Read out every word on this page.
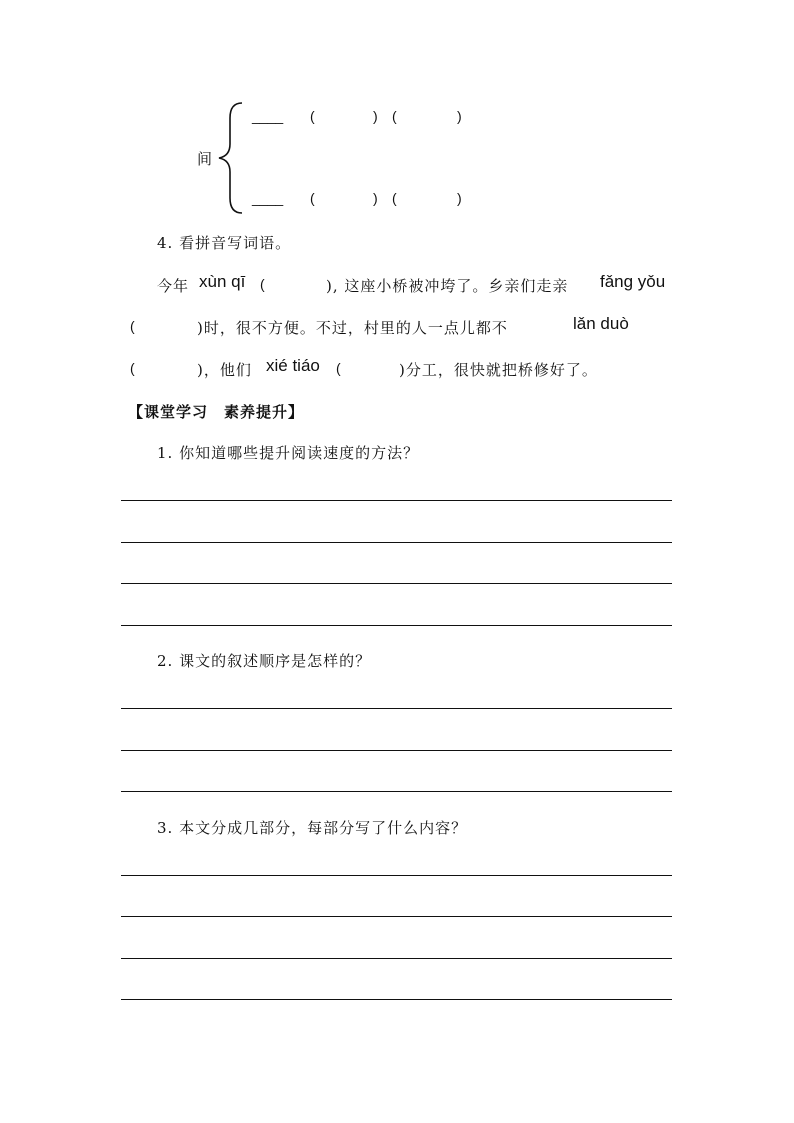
间
____ (	) (	)
____ (	) (	)
4. 看拼音写词语。
今年 xùn qī (	), 这座小桥被冲垮了。乡亲们走亲 fǎng yǒu
(	)时，很不方便。不过，村里的人一点儿都不	lǎn duò
(	)，他们 xié tiáo (	)分工，很快就把桥修好了。
【课堂学习　素养提升】
1. 你知道哪些提升阅读速度的方法？
2. 课文的叙述顺序是怎样的？
3. 本文分成几部分，每部分写了什么内容？
